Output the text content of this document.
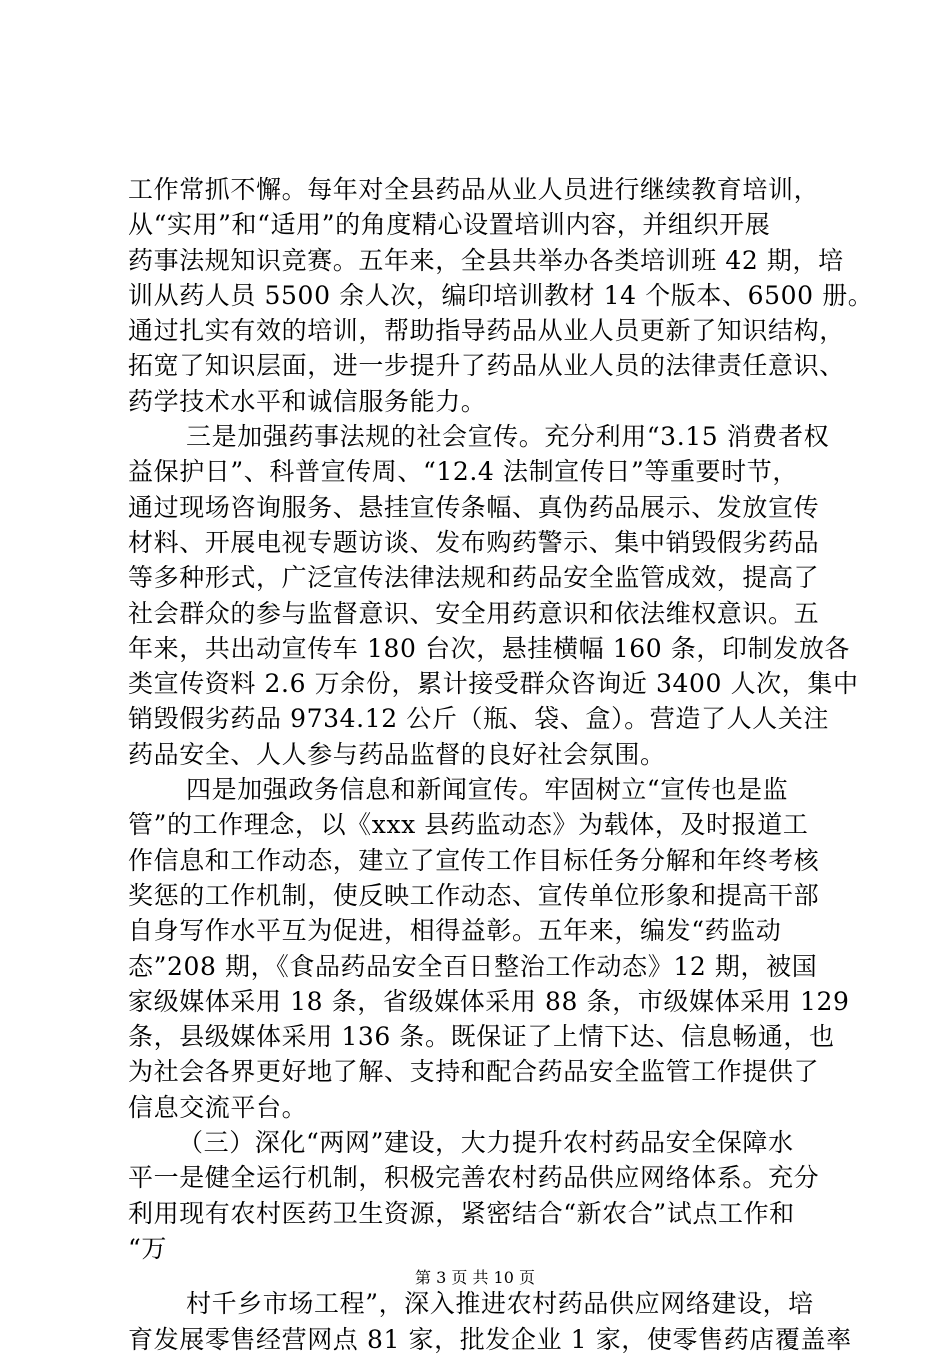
工作常抓不懈。每年对全县药品从业人员进行继续教育培训，
从“实用”和“适用”的角度精心设置培训内容，并组织开展
药事法规知识竞赛。五年来，全县共举办各类培训班 42 期，培
训从药人员 5500 余人次，编印培训教材 14 个版本、6500 册。
通过扎实有效的培训，帮助指导药品从业人员更新了知识结构，
拓宽了知识层面，进一步提升了药品从业人员的法律责任意识、
药学技术水平和诚信服务能力。
三是加强药事法规的社会宣传。充分利用“3.15 消费者权
益保护日”、科普宣传周、“12.4 法制宣传日”等重要时节，
通过现场咨询服务、悬挂宣传条幅、真伪药品展示、发放宣传
材料、开展电视专题访谈、发布购药警示、集中销毁假劣药品
等多种形式，广泛宣传法律法规和药品安全监管成效，提高了
社会群众的参与监督意识、安全用药意识和依法维权意识。五
年来，共出动宣传车 180 台次，悬挂横幅 160 条，印制发放各
类宣传资料 2.6 万余份，累计接受群众咨询近 3400 人次，集中
销毁假劣药品 9734.12 公斤（瓶、袋、盒）。营造了人人关注
药品安全、人人参与药品监督的良好社会氛围。
四是加强政务信息和新闻宣传。牢固树立“宣传也是监
管”的工作理念，以《xxx 县药监动态》为载体，及时报道工
作信息和工作动态，建立了宣传工作目标任务分解和年终考核
奖惩的工作机制，使反映工作动态、宣传单位形象和提高干部
自身写作水平互为促进，相得益彰。五年来，编发“药监动
态”208 期，《食品药品安全百日整治工作动态》12 期，被国
家级媒体采用 18 条，省级媒体采用 88 条，市级媒体采用 129
条，县级媒体采用 136 条。既保证了上情下达、信息畅通，也
为社会各界更好地了解、支持和配合药品安全监管工作提供了
信息交流平台。
（三）深化“两网”建设，大力提升农村药品安全保障水
平一是健全运行机制，积极完善农村药品供应网络体系。充分
利用现有农村医药卫生资源，紧密结合“新农合”试点工作和
“万
村千乡市场工程”，深入推进农村药品供应网络建设，培
育发展零售经营网点 81 家，批发企业 1 家，使零售药店覆盖率
第 3 页 共 10 页
